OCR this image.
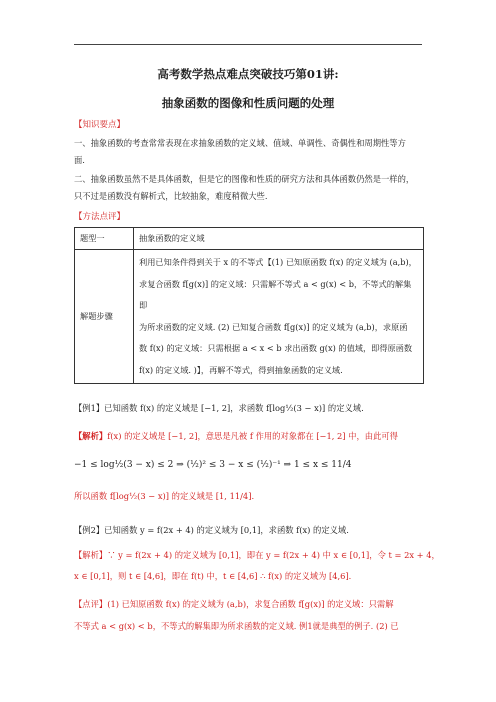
高考数学热点难点突破技巧第01讲:
抽象函数的图像和性质问题的处理
【知识要点】
一、抽象函数的考查常常表现在求抽象函数的定义域、值域、单调性、奇偶性和周期性等方
面.
二、抽象函数虽然不是具体函数，但是它的图像和性质的研究方法和具体函数仍然是一样的，
只不过是函数没有解析式，比较抽象，难度稍微大些.
【方法点评】
题型一	抽象函数的定义域
解题步骤	利用已知条件得到关于 x 的不等式【(1) 已知原函数 f(x) 的定义域为 (a,b)，
求复合函数 f[g(x)] 的定义域：只需解不等式 a < g(x) < b，不等式的解集即
为所求函数的定义域. (2) 已知复合函数 f[g(x)] 的定义域为 (a,b)，求原函
数 f(x) 的定义域：只需根据 a < x < b 求出函数 g(x) 的值域，即得原函数
f(x) 的定义域. )】，再解不等式，得到抽象函数的定义域.
【例1】已知函数 f(x) 的定义域是 [−1, 2]，求函数 f[log½(3 − x)] 的定义域.
【解析】f(x) 的定义域是 [−1, 2]，意思是凡被 f 作用的对象都在 [−1, 2] 中，由此可得
−1 ≤ log½(3 − x) ≤ 2 ⇒ (½)² ≤ 3 − x ≤ (½)⁻¹ ⇒ 1 ≤ x ≤ 11/4
所以函数 f[log½(3 − x)] 的定义域是 [1, 11/4].
【例2】已知函数 y = f(2x + 4) 的定义域为 [0,1]，求函数 f(x) 的定义域.
【解析】∵ y = f(2x + 4) 的定义域为 [0,1]，即在 y = f(2x + 4) 中 x ∈ [0,1]，令 t = 2x + 4，
x ∈ [0,1]，则 t ∈ [4,6]，即在 f(t) 中，t ∈ [4,6] ∴ f(x) 的定义域为 [4,6].
【点评】(1) 已知原函数 f(x) 的定义域为 (a,b)，求复合函数 f[g(x)] 的定义域：只需解
不等式 a < g(x) < b，不等式的解集即为所求函数的定义域. 例1就是典型的例子. (2) 已
